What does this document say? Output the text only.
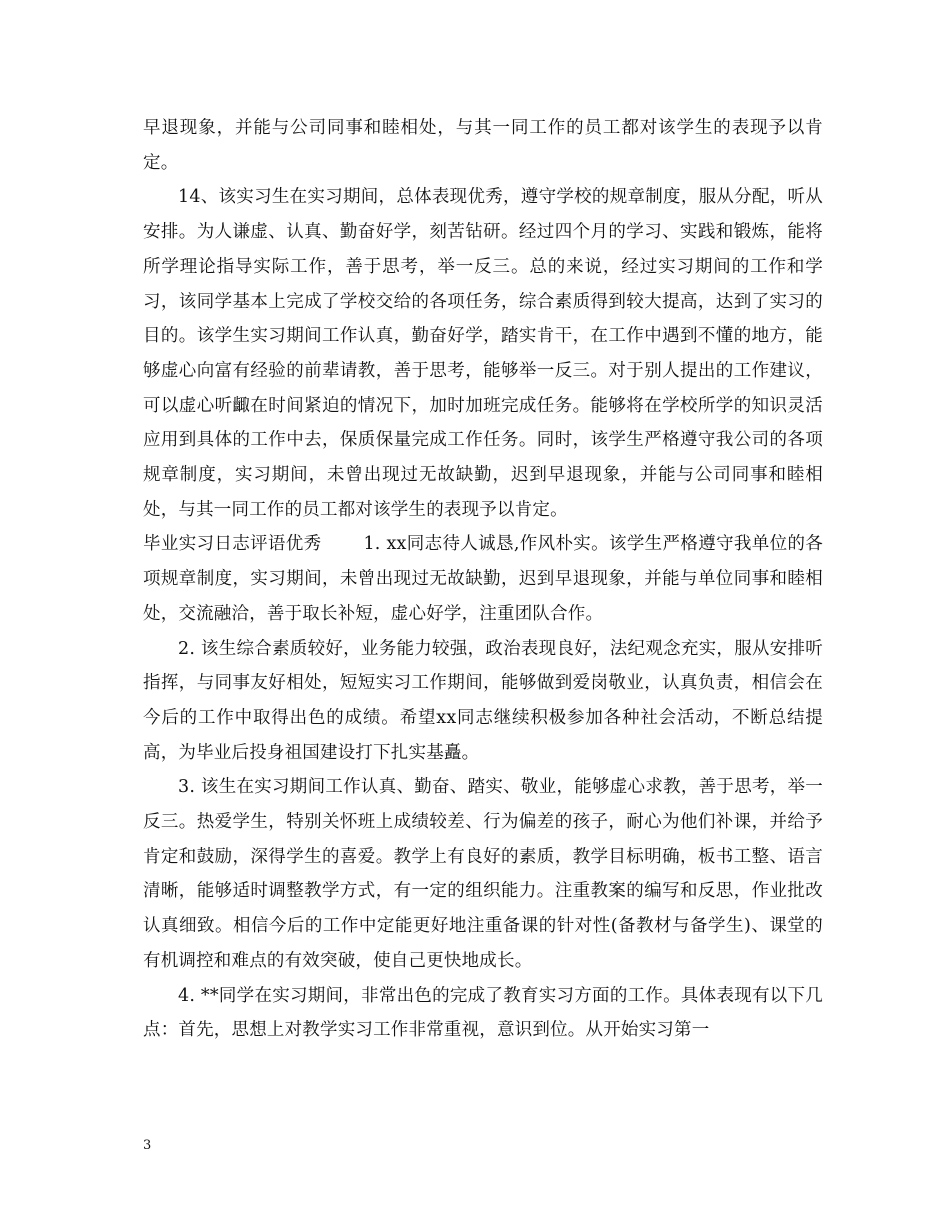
早退现象，并能与公司同事和睦相处，与其一同工作的员工都对该学生的表现予以肯定。

14、该实习生在实习期间，总体表现优秀，遵守学校的规章制度，服从分配，听从安排。为人谦虚、认真、勤奋好学，刻苦钻研。经过四个月的学习、实践和锻炼，能将所学理论指导实际工作，善于思考，举一反三。总的来说，经过实习期间的工作和学习，该同学基本上完成了学校交给的各项任务，综合素质得到较大提高，达到了实习的目的。该学生实习期间工作认真，勤奋好学，踏实肯干，在工作中遇到不懂的地方，能够虚心向富有经验的前辈请教，善于思考，能够举一反三。对于别人提出的工作建议，可以虚心听齱在时间紧迫的情况下，加时加班完成任务。能够将在学校所学的知识灵活应用到具体的工作中去，保质保量完成工作任务。同时，该学生严格遵守我公司的各项规章制度，实习期间，未曾出现过无故缺勤，迟到早退现象，并能与公司同事和睦相处，与其一同工作的员工都对该学生的表现予以肯定。

毕业实习日志评语优秀 1. xx同志待人诚恳,作风朴实。该学生严格遵守我单位的各项规章制度，实习期间，未曾出现过无故缺勤，迟到早退现象，并能与单位同事和睦相处，交流融洽，善于取长补短，虚心好学，注重团队合作。

2. 该生综合素质较好，业务能力较强，政治表现良好，法纪观念充实，服从安排听指挥，与同事友好相处，短短实习工作期间，能够做到爱岗敬业，认真负责，相信会在今后的工作中取得出色的成绩。希望xx同志继续积极参加各种社会活动，不断总结提高，为毕业后投身祖国建设打下扎实基矗。

3. 该生在实习期间工作认真、勤奋、踏实、敬业，能够虚心求教，善于思考，举一反三。热爱学生，特别关怀班上成绩较差、行为偏差的孩子，耐心为他们补课，并给予肯定和鼓励，深得学生的喜爱。教学上有良好的素质，教学目标明确，板书工整、语言清晰，能够适时调整教学方式，有一定的组织能力。注重教案的编写和反思，作业批改认真细致。相信今后的工作中定能更好地注重备课的针对性(备教材与备学生)、课堂的有机调控和难点的有效突破，使自己更快地成长。

4. **同学在实习期间，非常出色的完成了教育实习方面的工作。具体表现有以下几点：首先，思想上对教学实习工作非常重视，意识到位。从开始实习第一

3
